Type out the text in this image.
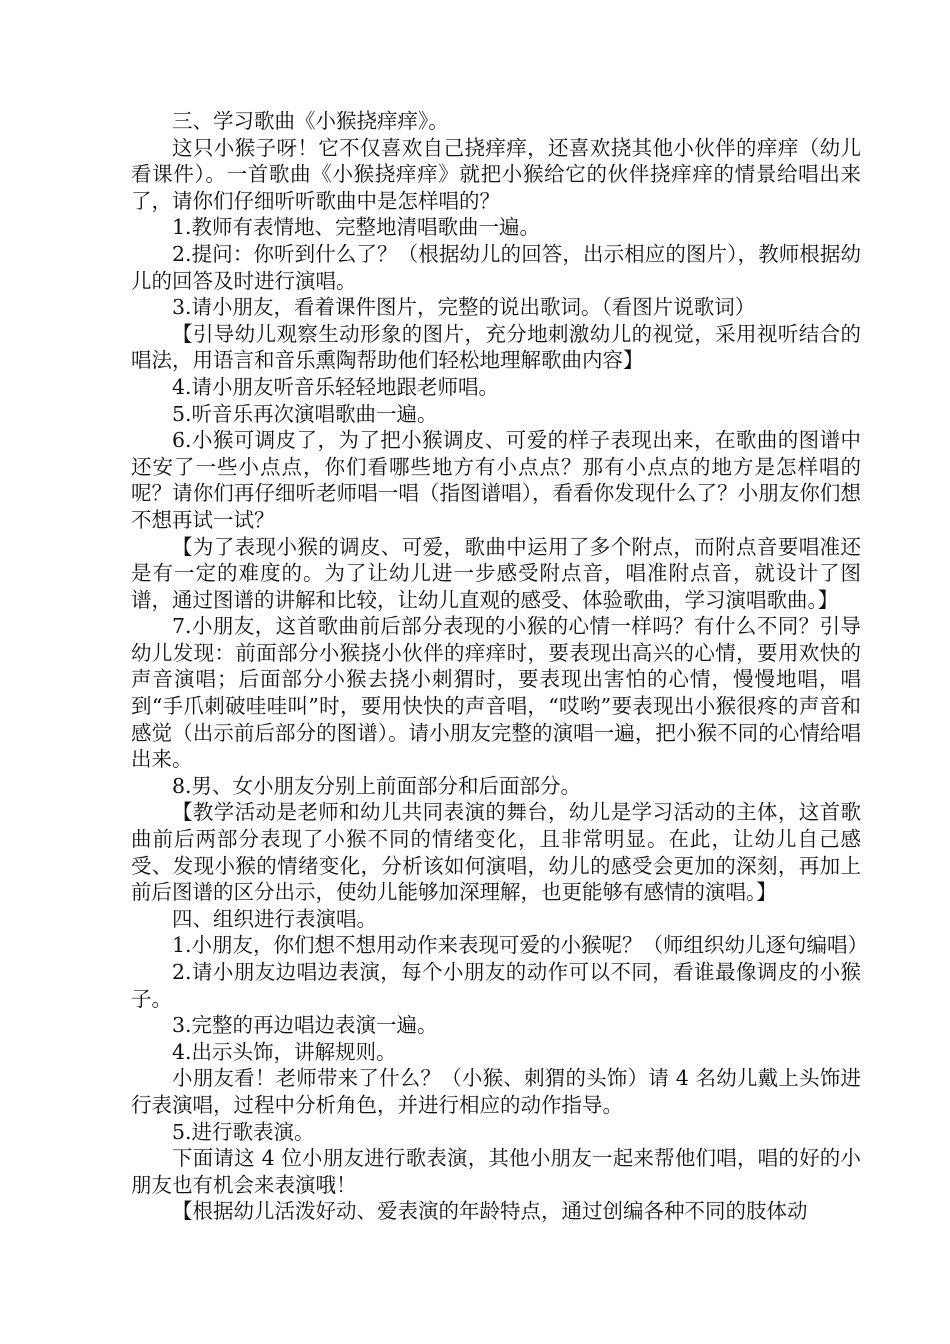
三、学习歌曲《小猴挠痒痒》。

这只小猴子呀！它不仅喜欢自己挠痒痒，还喜欢挠其他小伙伴的痒痒（幼儿看课件）。一首歌曲《小猴挠痒痒》就把小猴给它的伙伴挠痒痒的情景给唱出来了，请你们仔细听听歌曲中是怎样唱的？

1.教师有表情地、完整地清唱歌曲一遍。

2.提问：你听到什么了？（根据幼儿的回答，出示相应的图片），教师根据幼儿的回答及时进行演唱。

3.请小朋友，看着课件图片，完整的说出歌词。（看图片说歌词）

【引导幼儿观察生动形象的图片，充分地刺激幼儿的视觉，采用视听结合的唱法，用语言和音乐熏陶帮助他们轻松地理解歌曲内容】

4.请小朋友听音乐轻轻地跟老师唱。

5.听音乐再次演唱歌曲一遍。

6.小猴可调皮了，为了把小猴调皮、可爱的样子表现出来，在歌曲的图谱中还安了一些小点点，你们看哪些地方有小点点？那有小点点的地方是怎样唱的呢？请你们再仔细听老师唱一唱（指图谱唱），看看你发现什么了？小朋友你们想不想再试一试？

【为了表现小猴的调皮、可爱，歌曲中运用了多个附点，而附点音要唱准还是有一定的难度的。为了让幼儿进一步感受附点音，唱准附点音，就设计了图谱，通过图谱的讲解和比较，让幼儿直观的感受、体验歌曲，学习演唱歌曲。】

7.小朋友，这首歌曲前后部分表现的小猴的心情一样吗？有什么不同？引导幼儿发现：前面部分小猴挠小伙伴的痒痒时，要表现出高兴的心情，要用欢快的声音演唱；后面部分小猴去挠小刺猬时，要表现出害怕的心情，慢慢地唱，唱到“手爪刺破哇哇叫”时，要用快快的声音唱，“哎哟”要表现出小猴很疼的声音和感觉（出示前后部分的图谱）。请小朋友完整的演唱一遍，把小猴不同的心情给唱出来。

8.男、女小朋友分别上前面部分和后面部分。

【教学活动是老师和幼儿共同表演的舞台，幼儿是学习活动的主体，这首歌曲前后两部分表现了小猴不同的情绪变化，且非常明显。在此，让幼儿自己感受、发现小猴的情绪变化，分析该如何演唱，幼儿的感受会更加的深刻，再加上前后图谱的区分出示，使幼儿能够加深理解，也更能够有感情的演唱。】

四、组织进行表演唱。

1.小朋友，你们想不想用动作来表现可爱的小猴呢？（师组织幼儿逐句编唱）

2.请小朋友边唱边表演，每个小朋友的动作可以不同，看谁最像调皮的小猴子。

3.完整的再边唱边表演一遍。

4.出示头饰，讲解规则。

小朋友看！老师带来了什么？（小猴、刺猬的头饰）请 4 名幼儿戴上头饰进行表演唱，过程中分析角色，并进行相应的动作指导。

5.进行歌表演。

下面请这 4 位小朋友进行歌表演，其他小朋友一起来帮他们唱，唱的好的小朋友也有机会来表演哦！

【根据幼儿活泼好动、爱表演的年龄特点，通过创编各种不同的肢体动
